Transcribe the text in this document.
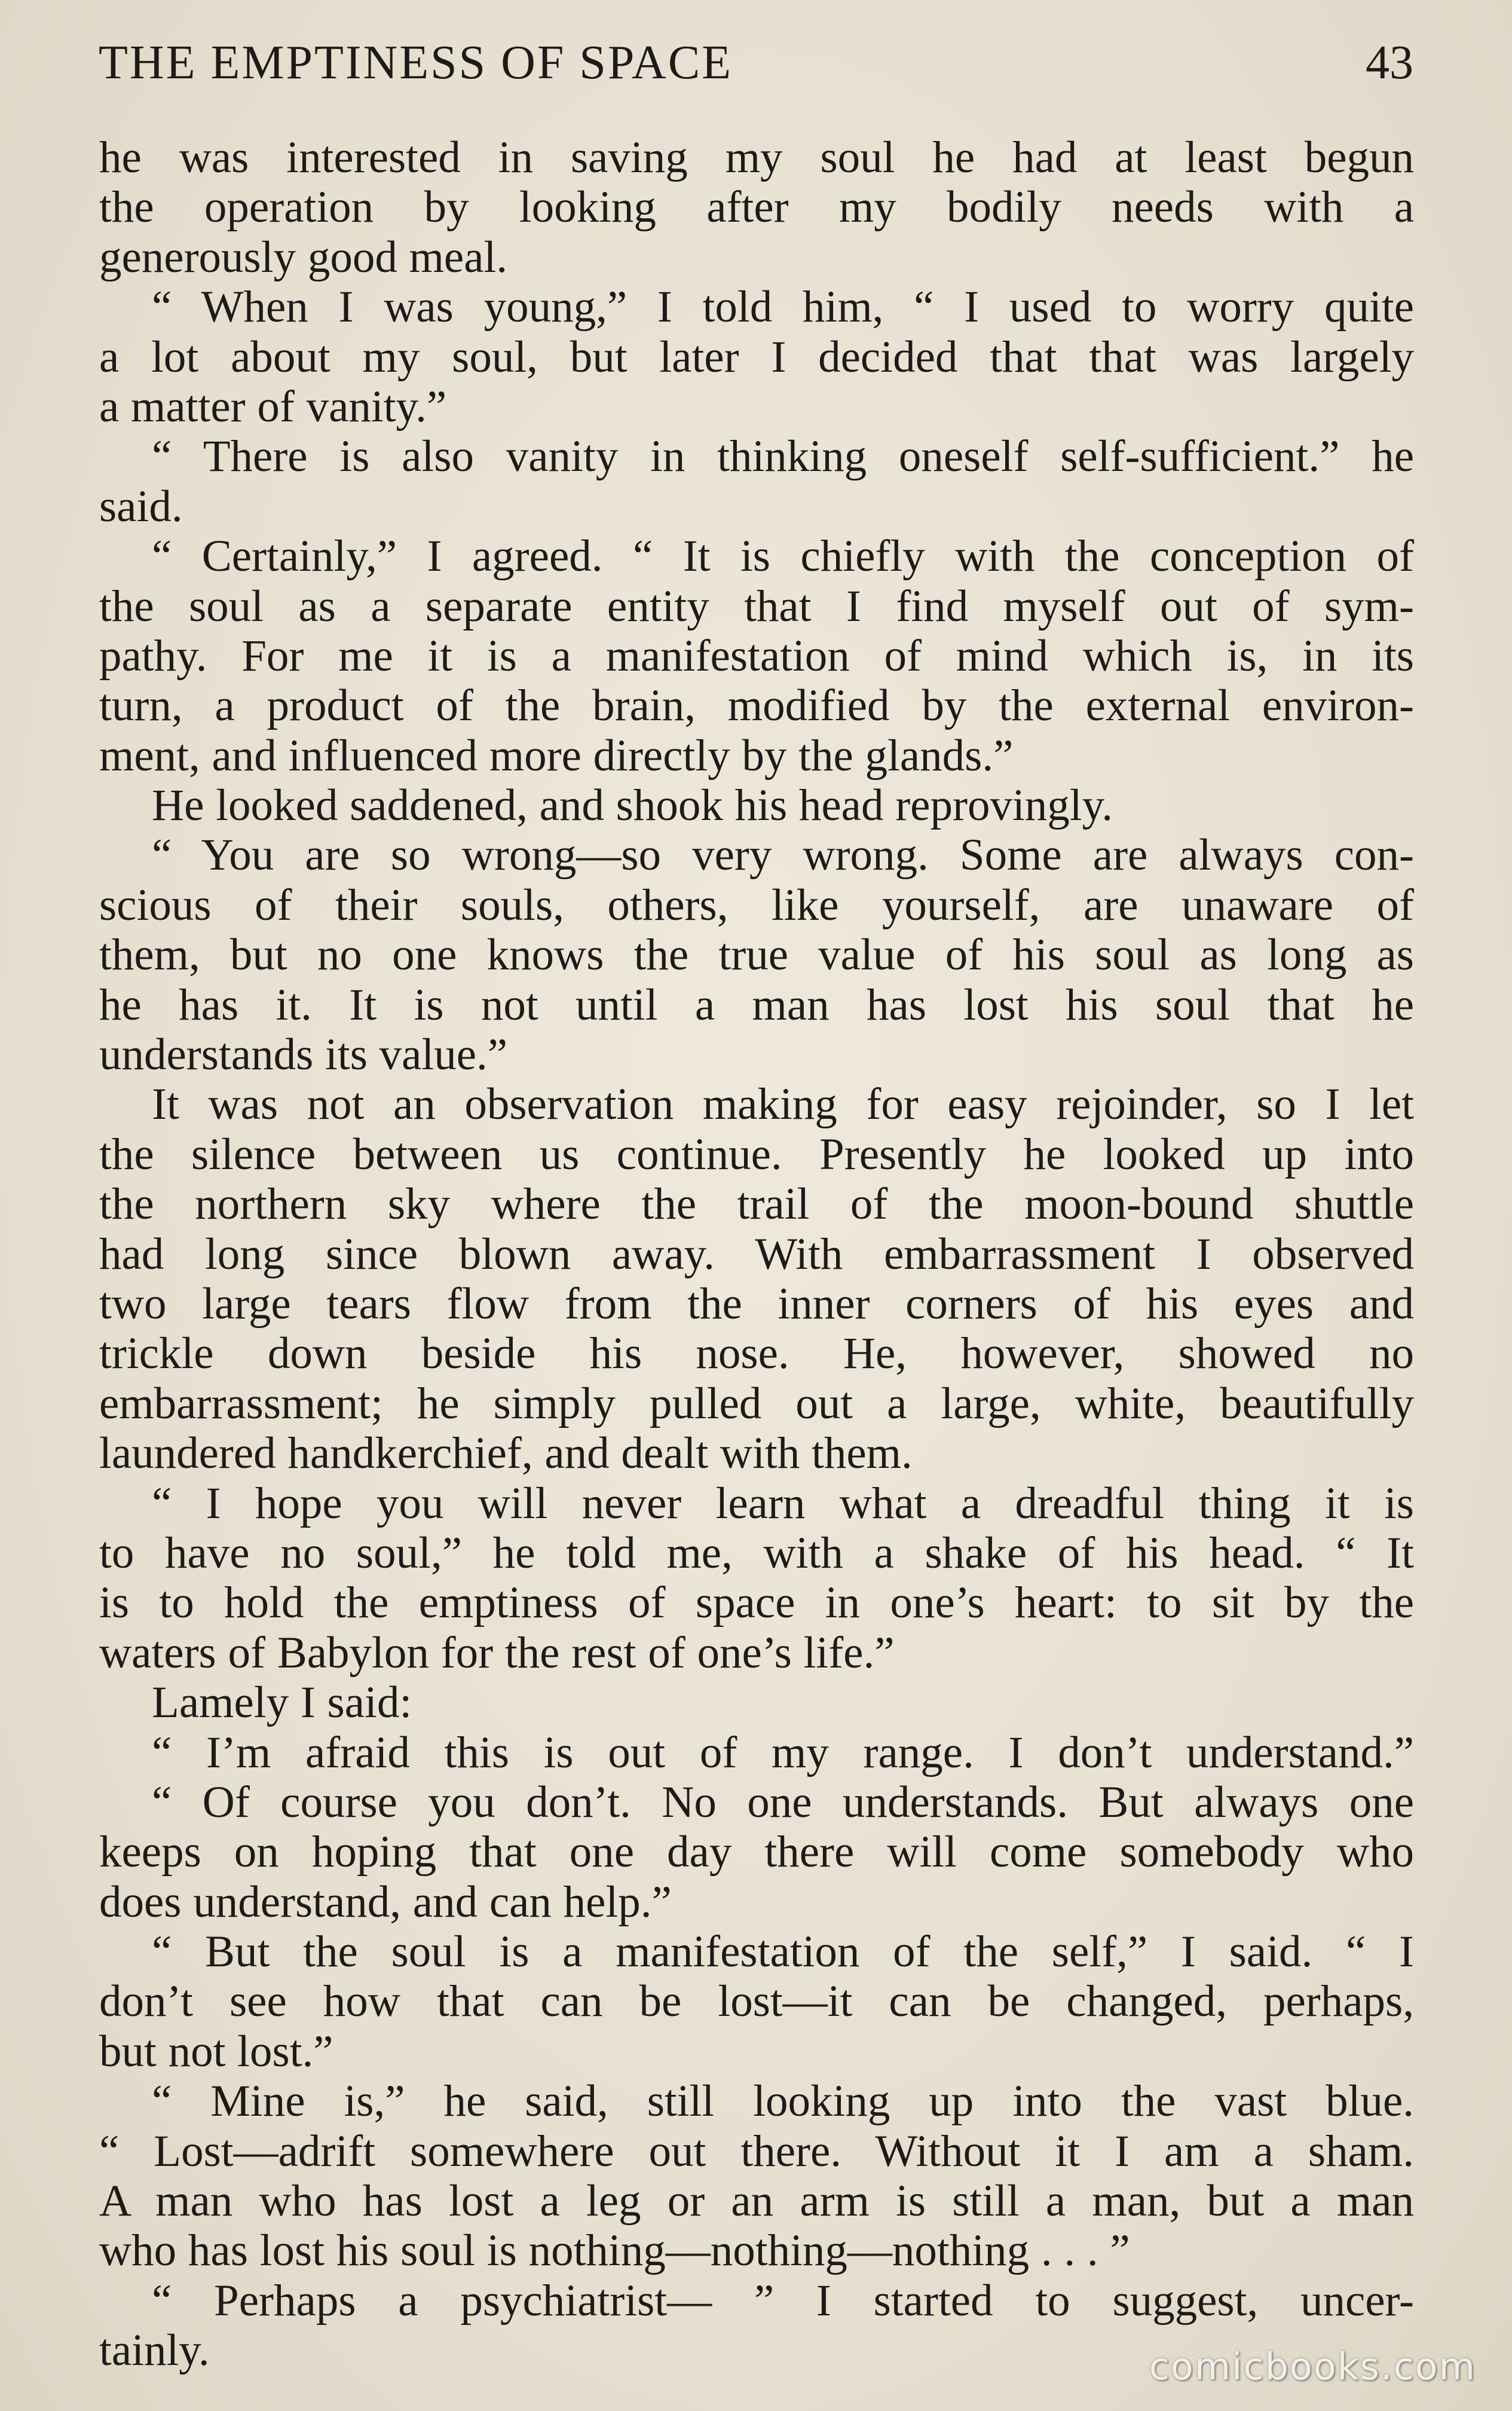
THE EMPTINESS OF SPACE	43
he was interested in saving my soul he had at least begun
the operation by looking after my bodily needs with a
generously good meal.
“ When I was young,” I told him, “ I used to worry quite
a lot about my soul, but later I decided that that was largely
a matter of vanity.”
“ There is also vanity in thinking oneself self-sufficient.” he
said.
“ Certainly,” I agreed. “ It is chiefly with the conception of
the soul as a separate entity that I find myself out of sym-
pathy. For me it is a manifestation of mind which is, in its
turn, a product of the brain, modified by the external environ-
ment, and influenced more directly by the glands.”
He looked saddened, and shook his head reprovingly.
“ You are so wrong—so very wrong. Some are always con-
scious of their souls, others, like yourself, are unaware of
them, but no one knows the true value of his soul as long as
he has it. It is not until a man has lost his soul that he
understands its value.”
It was not an observation making for easy rejoinder, so I let
the silence between us continue. Presently he looked up into
the northern sky where the trail of the moon-bound shuttle
had long since blown away. With embarrassment I observed
two large tears flow from the inner corners of his eyes and
trickle down beside his nose. He, however, showed no
embarrassment; he simply pulled out a large, white, beautifully
laundered handkerchief, and dealt with them.
“ I hope you will never learn what a dreadful thing it is
to have no soul,” he told me, with a shake of his head. “ It
is to hold the emptiness of space in one’s heart: to sit by the
waters of Babylon for the rest of one’s life.”
Lamely I said:
“ I’m afraid this is out of my range. I don’t understand.”
“ Of course you don’t. No one understands. But always one
keeps on hoping that one day there will come somebody who
does understand, and can help.”
“ But the soul is a manifestation of the self,” I said. “ I
don’t see how that can be lost—it can be changed, perhaps,
but not lost.”
“ Mine is,” he said, still looking up into the vast blue.
“ Lost—adrift somewhere out there. Without it I am a sham.
A man who has lost a leg or an arm is still a man, but a man
who has lost his soul is nothing—nothing—nothing . . . ”
“ Perhaps a psychiatrist— ” I started to suggest, uncer-
tainly.	comicbooks.com
